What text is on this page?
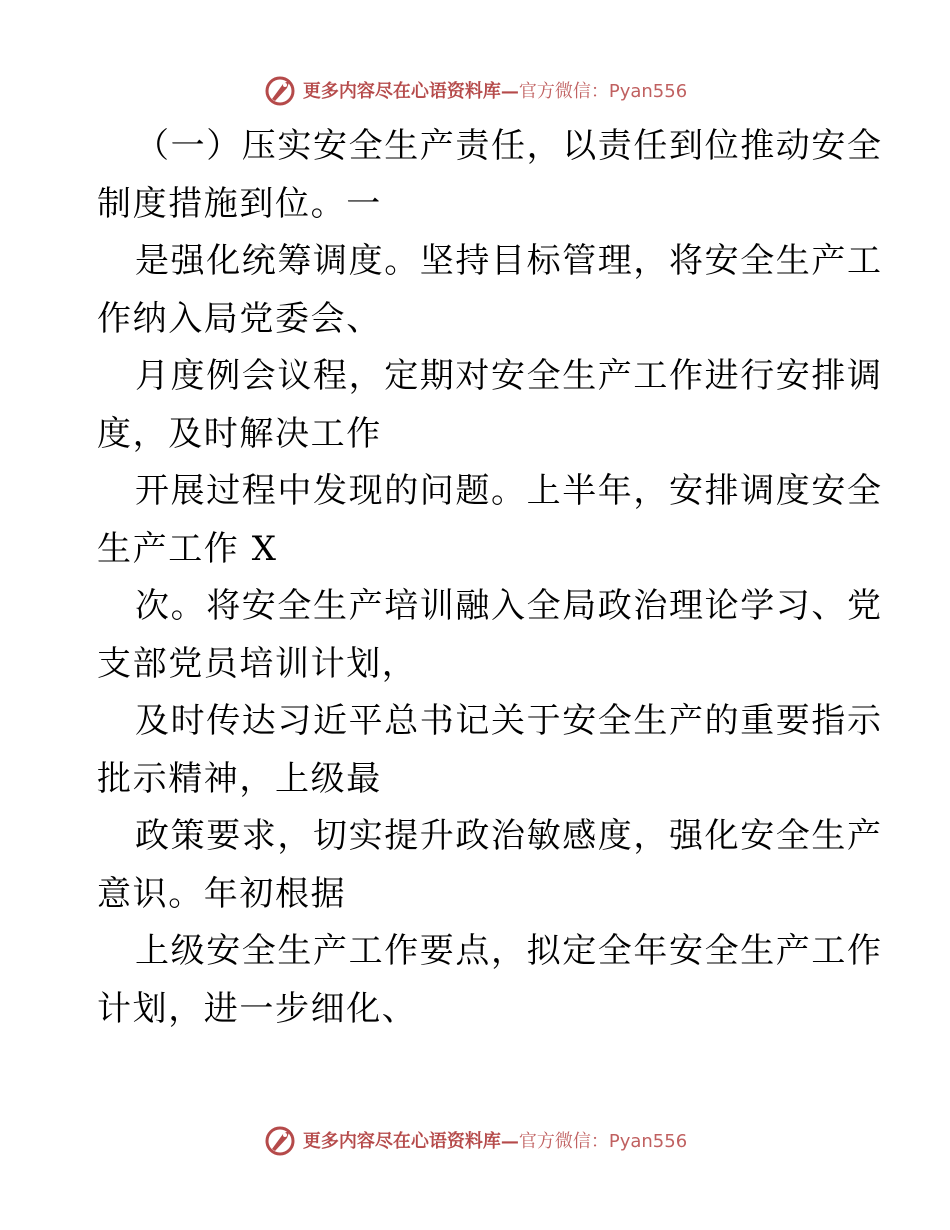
更多内容尽在心语资料库— 官方微信：Pyan556
（一）压实安全生产责任，以责任到位推动安全
制度措施到位。一
是强化统筹调度。坚持目标管理，将安全生产工
作纳入局党委会、
月度例会议程，定期对安全生产工作进行安排调
度，及时解决工作
开展过程中发现的问题。上半年，安排调度安全
生产工作 X
次。将安全生产培训融入全局政治理论学习、党
支部党员培训计划，
及时传达习近平总书记关于安全生产的重要指示
批示精神，上级最
政策要求，切实提升政治敏感度，强化安全生产
意识。年初根据
上级安全生产工作要点，拟定全年安全生产工作
计划，进一步细化、
更多内容尽在心语资料库— 官方微信：Pyan556
